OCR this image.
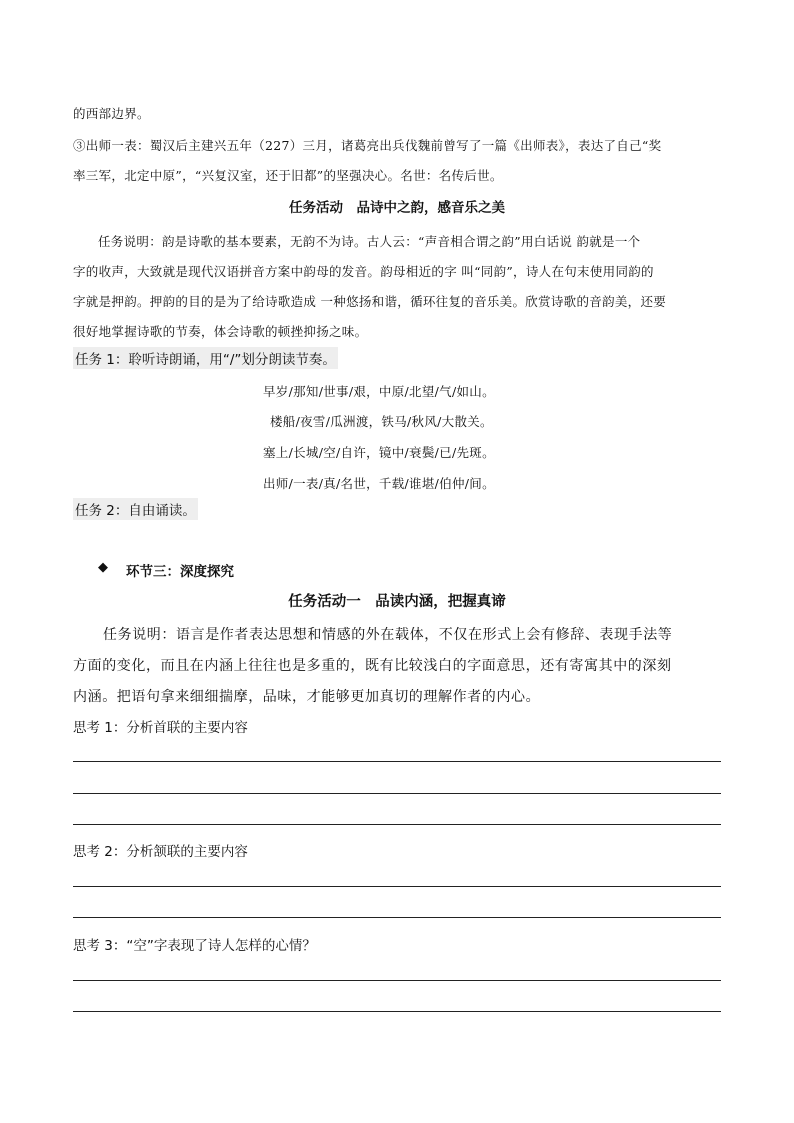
的西部边界。
③出师一表：蜀汉后主建兴五年（227）三月，诸葛亮出兵伐魏前曾写了一篇《出师表》，表达了自己“奖
率三军，北定中原”，“兴复汉室，还于旧都”的坚强决心。名世：名传后世。
任务活动　品诗中之韵，感音乐之美
任务说明：韵是诗歌的基本要素，无韵不为诗。古人云：“声音相合谓之韵”用白话说 韵就是一个
字的收声，大致就是现代汉语拼音方案中韵母的发音。韵母相近的字 叫“同韵”，诗人在句末使用同韵的
字就是押韵。押韵的目的是为了给诗歌造成 一种悠扬和谐，循环往复的音乐美。欣赏诗歌的音韵美，还要
很好地掌握诗歌的节奏，体会诗歌的顿挫抑扬之味。
任务 1：聆听诗朗诵，用“/”划分朗读节奏。
早岁/那知/世事/艰，中原/北望/气/如山。
楼船/夜雪/瓜洲渡，铁马/秋风/大散关。
塞上/长城/空/自许，镜中/衰鬓/已/先斑。
出师/一表/真/名世，千载/谁堪/伯仲/间。
任务 2：自由诵读。
◆ 环节三：深度探究
任务活动一　品读内涵，把握真谛
任务说明：语言是作者表达思想和情感的外在载体，不仅在形式上会有修辞、表现手法等
方面的变化，而且在内涵上往往也是多重的，既有比较浅白的字面意思，还有寄寓其中的深刻
内涵。把语句拿来细细揣摩，品味，才能够更加真切的理解作者的内心。
思考 1：分析首联的主要内容
思考 2：分析颔联的主要内容
思考 3：“空”字表现了诗人怎样的心情？
